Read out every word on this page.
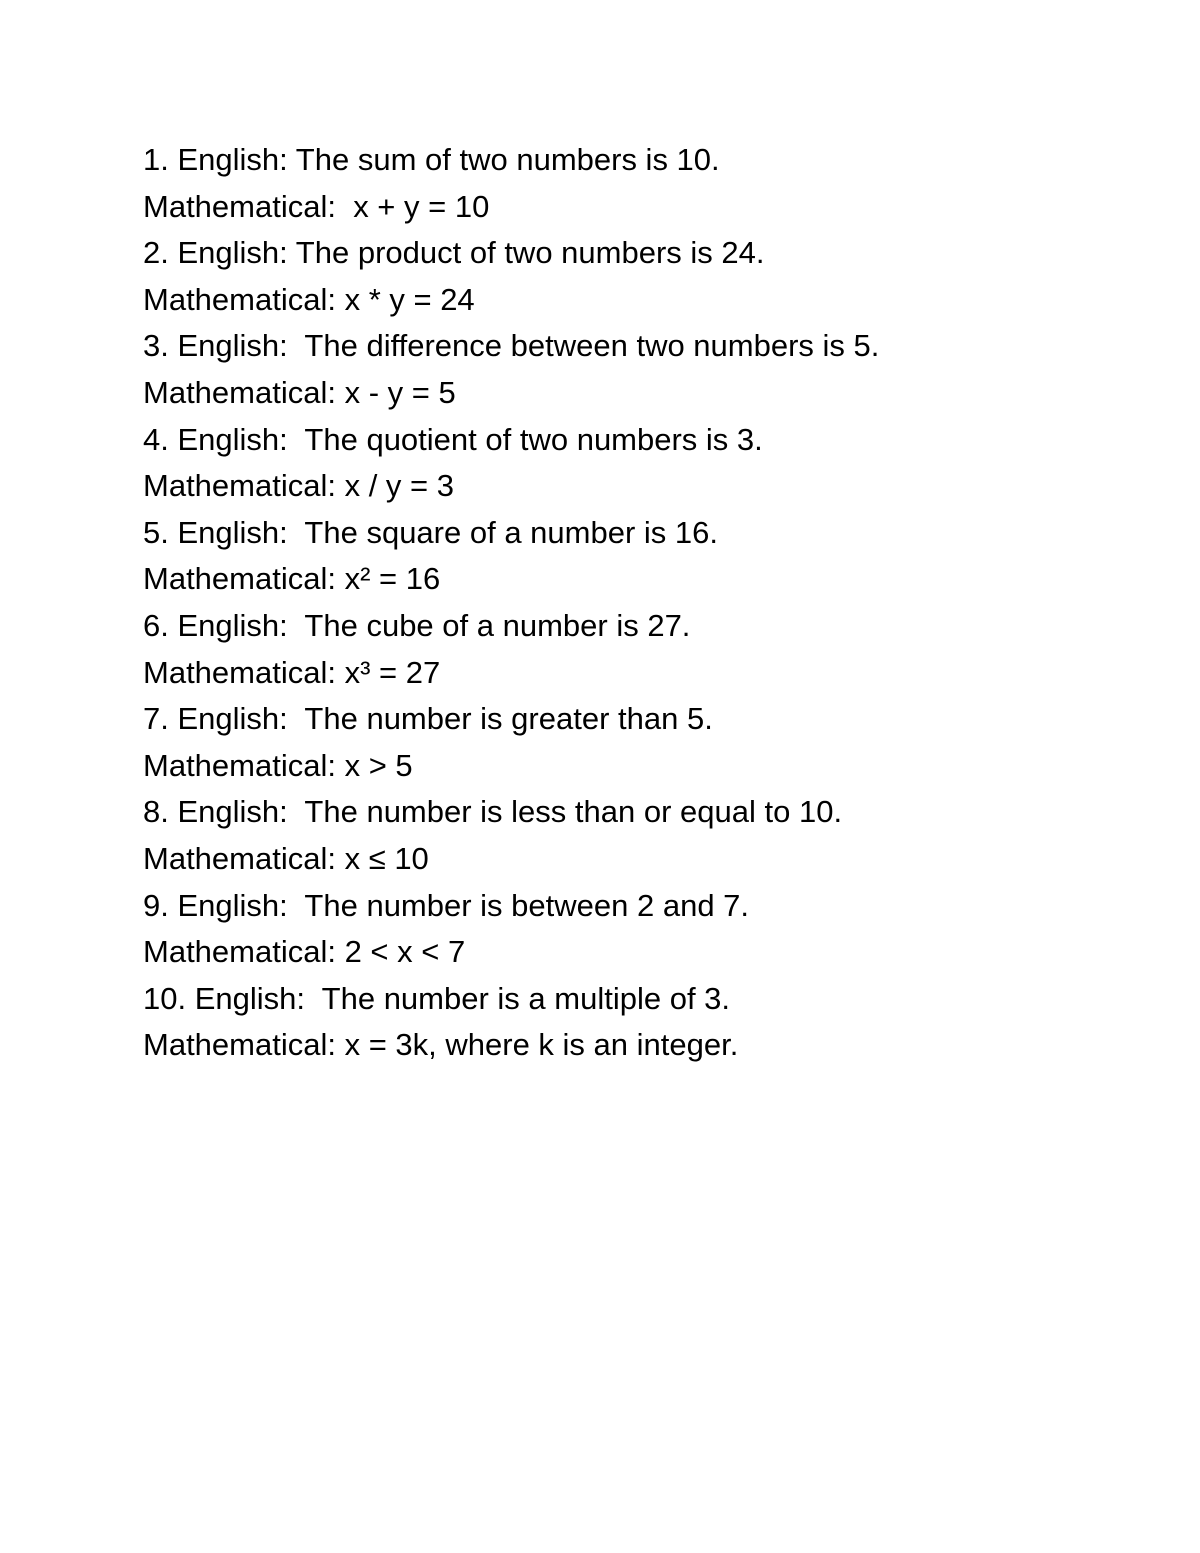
1. English: The sum of two numbers is 10.

Mathematical:  x + y = 10

2. English: The product of two numbers is 24.

Mathematical: x * y = 24

3. English:  The difference between two numbers is 5.

Mathematical: x - y = 5

4. English:  The quotient of two numbers is 3.

Mathematical: x / y = 3

5. English:  The square of a number is 16.

Mathematical: x² = 16

6. English:  The cube of a number is 27.

Mathematical: x³ = 27

7. English:  The number is greater than 5.

Mathematical: x > 5

8. English:  The number is less than or equal to 10.

Mathematical: x ≤ 10

9. English:  The number is between 2 and 7.

Mathematical: 2 < x < 7

10. English:  The number is a multiple of 3.

Mathematical: x = 3k, where k is an integer.
